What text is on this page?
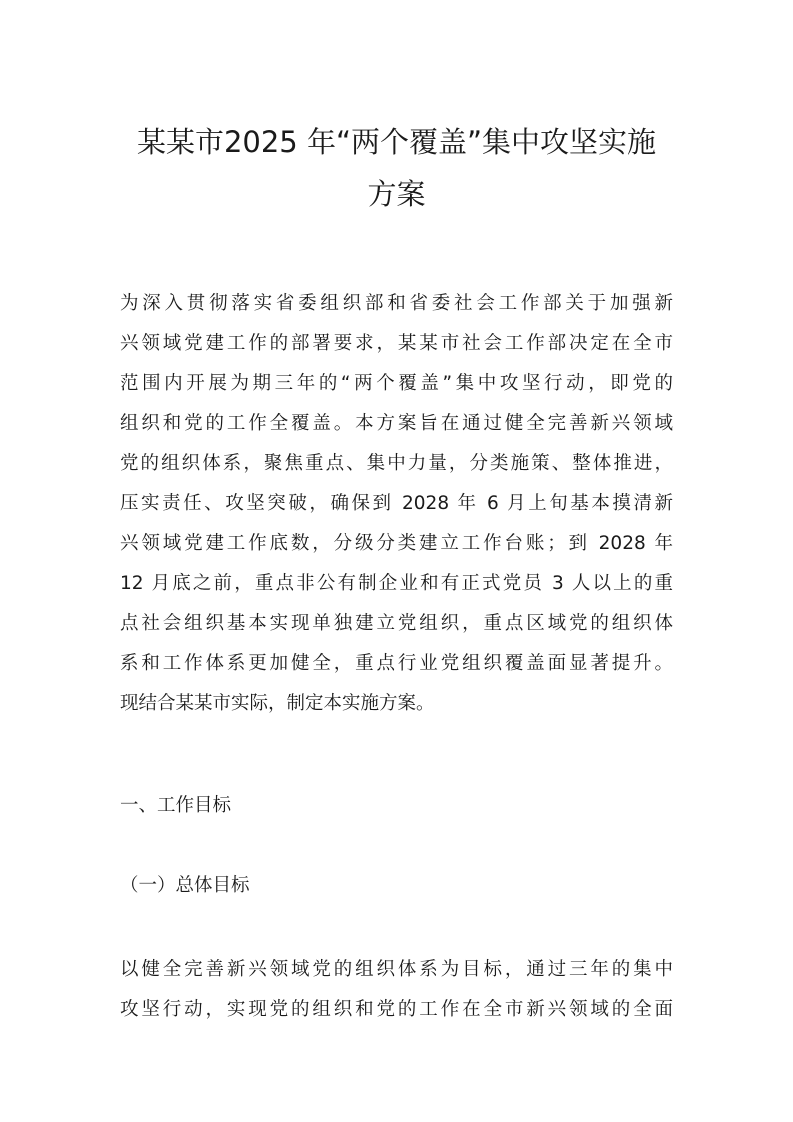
某某市2025 年“两个覆盖”集中攻坚实施
方案
为深入贯彻落实省委组织部和省委社会工作部关于加强新
兴领域党建工作的部署要求，某某市社会工作部决定在全市
范围内开展为期三年的“两个覆盖”集中攻坚行动，即党的
组织和党的工作全覆盖。本方案旨在通过健全完善新兴领域
党的组织体系，聚焦重点、集中力量，分类施策、整体推进，
压实责任、攻坚突破，确保到 2028 年 6 月上旬基本摸清新
兴领域党建工作底数，分级分类建立工作台账；到 2028 年
12 月底之前，重点非公有制企业和有正式党员 3 人以上的重
点社会组织基本实现单独建立党组织，重点区域党的组织体
系和工作体系更加健全，重点行业党组织覆盖面显著提升。
现结合某某市实际，制定本实施方案。
一、工作目标
（一）总体目标
以健全完善新兴领域党的组织体系为目标，通过三年的集中
攻坚行动，实现党的组织和党的工作在全市新兴领域的全面
